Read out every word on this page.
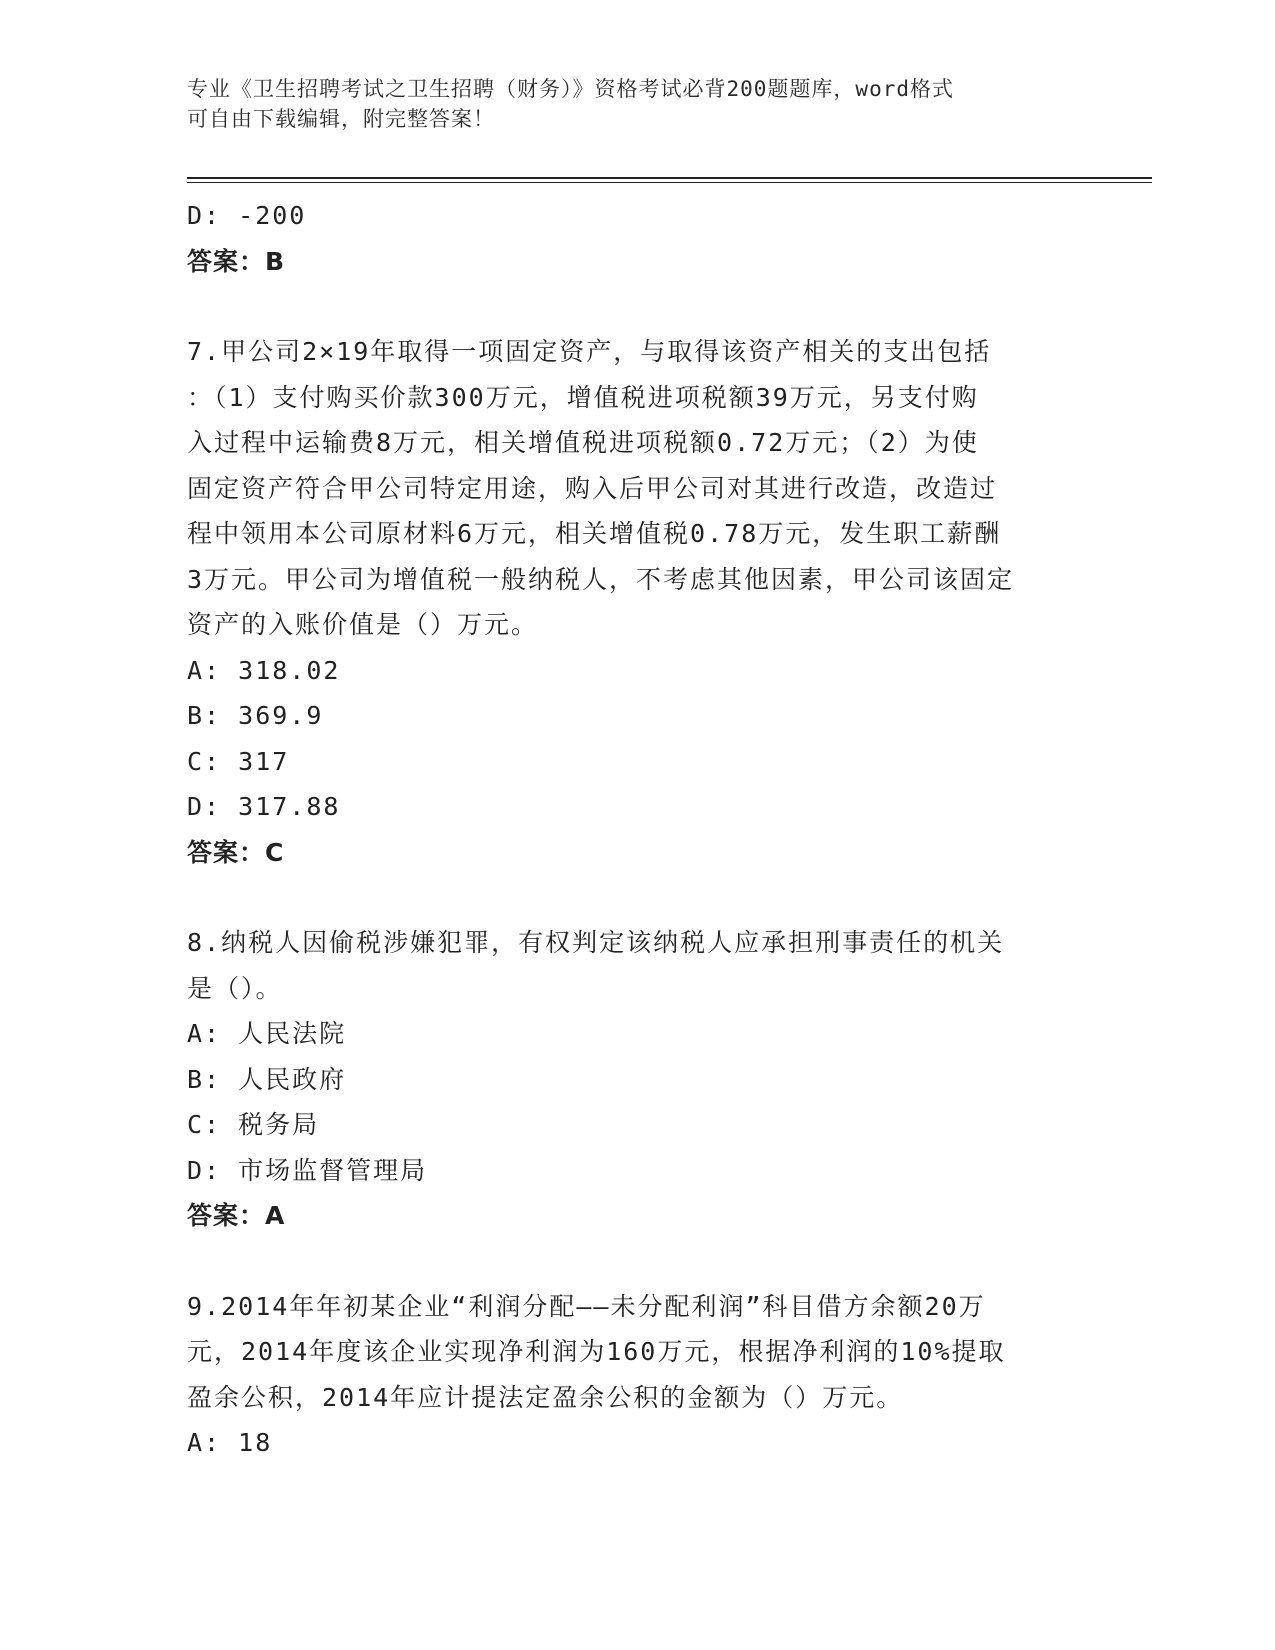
专业《卫生招聘考试之卫生招聘（财务）》资格考试必背200题题库，word格式
可自由下载编辑，附完整答案！
D: -200
答案：B
7.甲公司2×19年取得一项固定资产，与取得该资产相关的支出包括
：（1）支付购买价款300万元，增值税进项税额39万元，另支付购
入过程中运输费8万元，相关增值税进项税额0.72万元；（2）为使
固定资产符合甲公司特定用途，购入后甲公司对其进行改造，改造过
程中领用本公司原材料6万元，相关增值税0.78万元，发生职工薪酬
3万元。甲公司为增值税一般纳税人，不考虑其他因素，甲公司该固定
资产的入账价值是（）万元。
A: 318.02
B: 369.9
C: 317
D: 317.88
答案：C
8.纳税人因偷税涉嫌犯罪，有权判定该纳税人应承担刑事责任的机关
是（）。
A: 人民法院
B: 人民政府
C: 税务局
D: 市场监督管理局
答案：A
9.2014年年初某企业“利润分配——未分配利润”科目借方余额20万
元，2014年度该企业实现净利润为160万元，根据净利润的10%提取
盈余公积，2014年应计提法定盈余公积的金额为（）万元。
A: 18
